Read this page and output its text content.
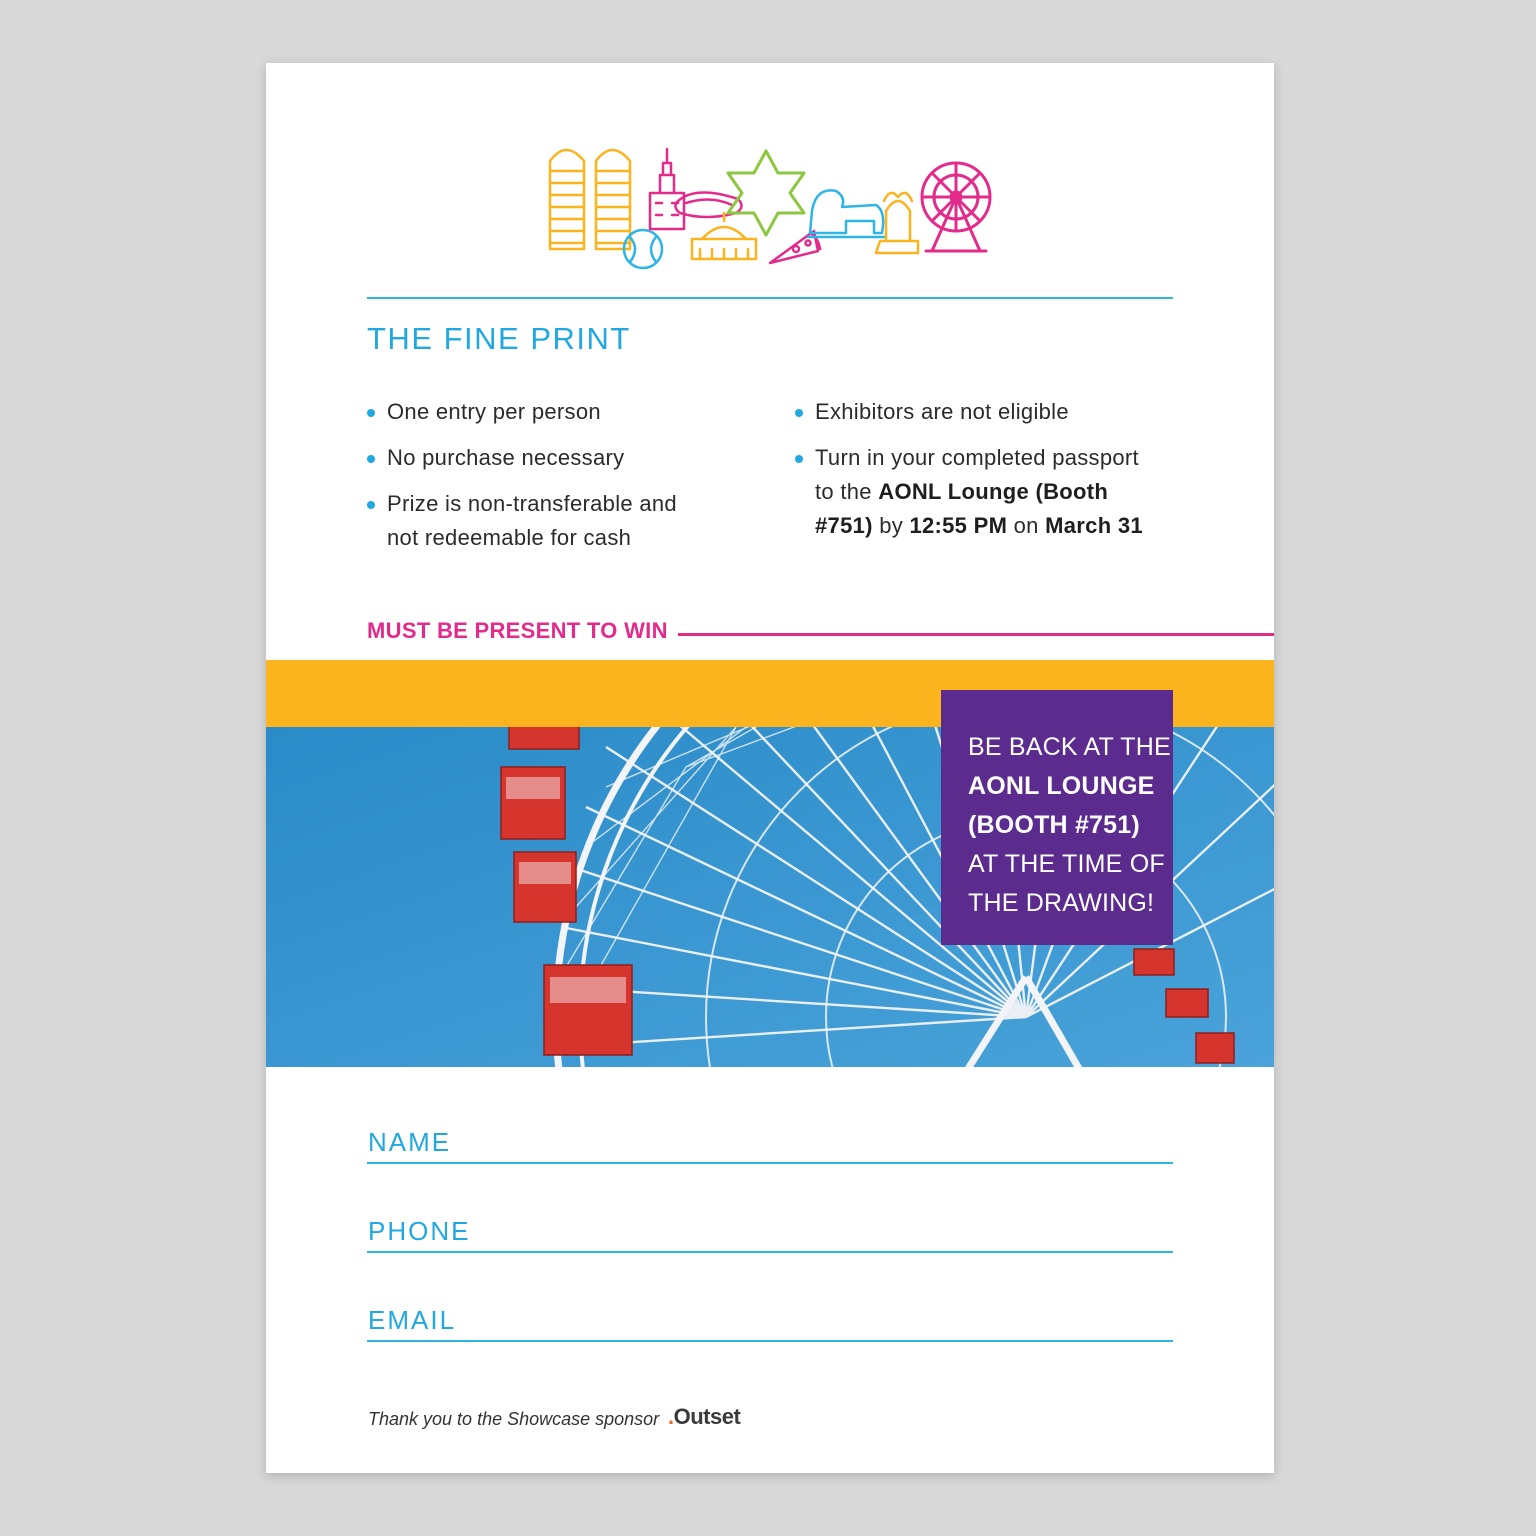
THE FINE PRINT
One entry per person
No purchase necessary
Prize is non-transferable and not redeemable for cash
Exhibitors are not eligible
Turn in your completed passport to the AONL Lounge (Booth #751) by 12:55 PM on March 31
MUST BE PRESENT TO WIN
BE BACK AT THE
AONL LOUNGE
(BOOTH #751)
AT THE TIME OF
THE DRAWING!
NAME
PHONE
EMAIL
Thank you to the Showcase sponsor .Outset
